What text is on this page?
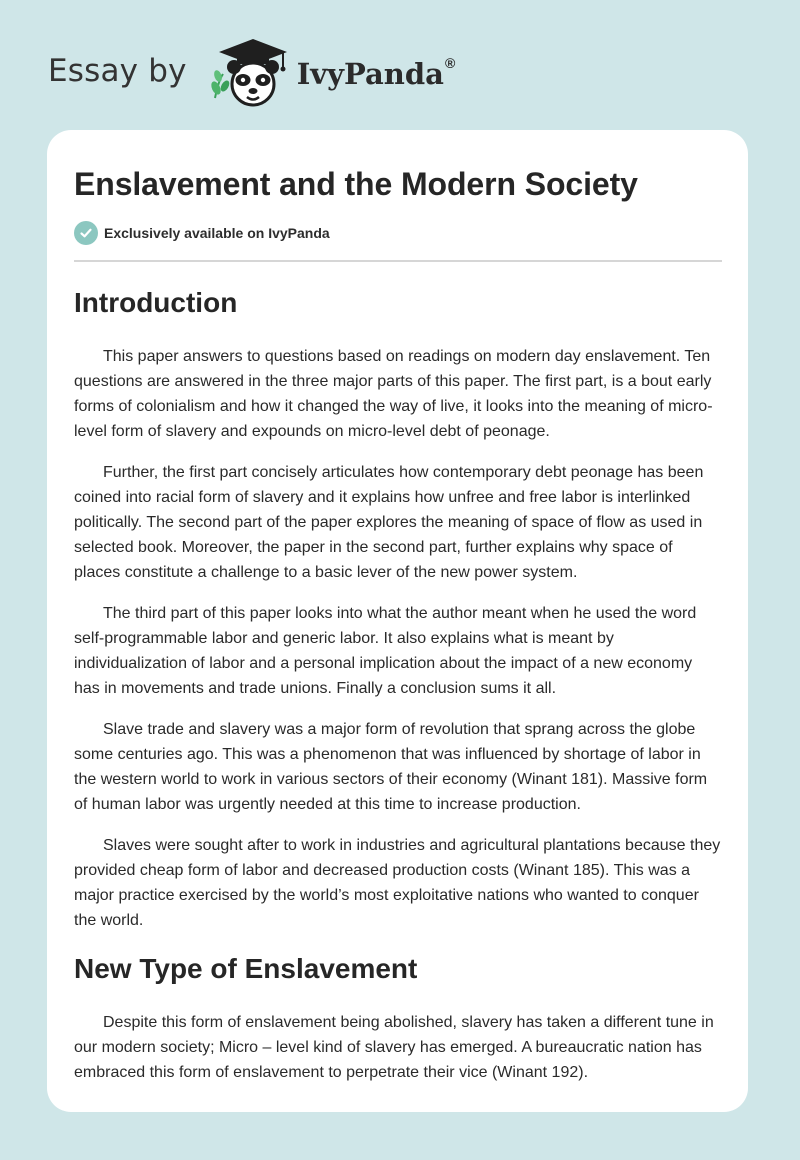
Essay by	IvyPanda®
Enslavement and the Modern Society
Exclusively available on IvyPanda
Introduction

This paper answers to questions based on readings on modern day enslavement. Ten questions are answered in the three major parts of this paper. The first part, is a bout early forms of colonialism and how it changed the way of live, it looks into the meaning of micro-level form of slavery and expounds on micro-level debt of peonage.

Further, the first part concisely articulates how contemporary debt peonage has been coined into racial form of slavery and it explains how unfree and free labor is interlinked politically. The second part of the paper explores the meaning of space of flow as used in selected book. Moreover, the paper in the second part, further explains why space of places constitute a challenge to a basic lever of the new power system.

The third part of this paper looks into what the author meant when he used the word self-programmable labor and generic labor. It also explains what is meant by individualization of labor and a personal implication about the impact of a new economy has in movements and trade unions. Finally a conclusion sums it all.

Slave trade and slavery was a major form of revolution that sprang across the globe some centuries ago. This was a phenomenon that was influenced by shortage of labor in the western world to work in various sectors of their economy (Winant 181). Massive form of human labor was urgently needed at this time to increase production.

Slaves were sought after to work in industries and agricultural plantations because they provided cheap form of labor and decreased production costs (Winant 185). This was a major practice exercised by the world’s most exploitative nations who wanted to conquer the world.

New Type of Enslavement

Despite this form of enslavement being abolished, slavery has taken a different tune in our modern society; Micro – level kind of slavery has emerged. A bureaucratic nation has embraced this form of enslavement to perpetrate their vice (Winant 192).
